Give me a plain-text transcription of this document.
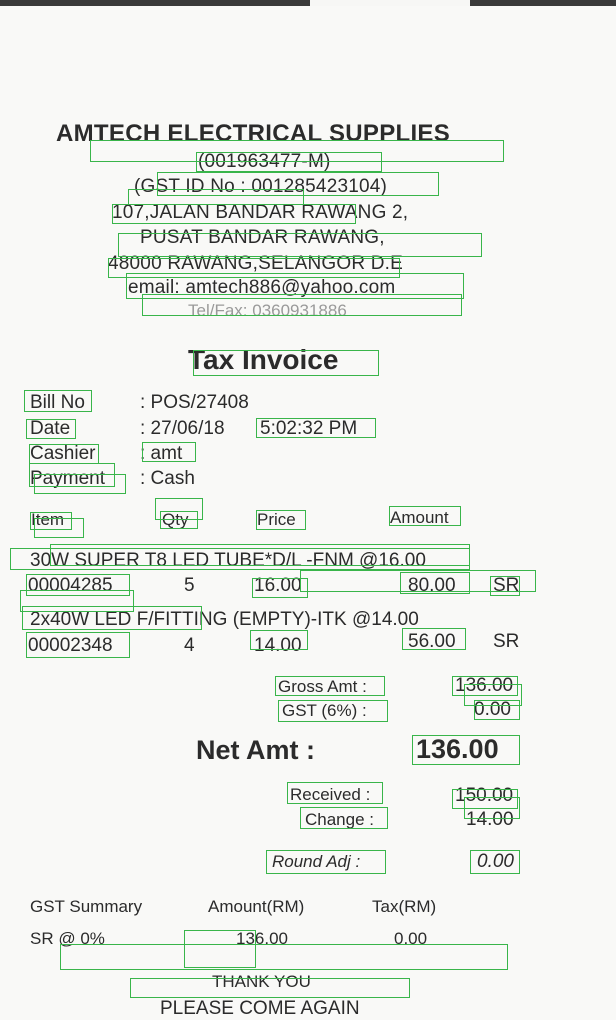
AMTECH ELECTRICAL SUPPLIES
(001963477-M)
(GST ID No : 001285423104)
107,JALAN BANDAR RAWANG 2,
PUSAT BANDAR RAWANG,
48000 RAWANG,SELANGOR D.E
email: amtech886@yahoo.com
Tel/Fax: 0360931886
Tax Invoice
Bill No	: POS/27408
Date	: 27/06/18 5:02:32 PM
Cashier : amt
Payment : Cash
Item	Qty	Price	Amount
30W SUPER T8 LED TUBE*D/L -FNM @16.00
00004285	5	16.00	80.00 SR
2x40W LED F/FITTING (EMPTY)-ITK @14.00
00002348	4	14.00	56.00 SR
Gross Amt :	136.00
GST (6%) :	0.00
Net Amt :	136.00
Received :	150.00
Change :	14.00
Round Adj :	0.00
GST Summary	Amount(RM)	Tax(RM)
SR @ 0%	136.00	0.00
THANK YOU
PLEASE COME AGAIN
